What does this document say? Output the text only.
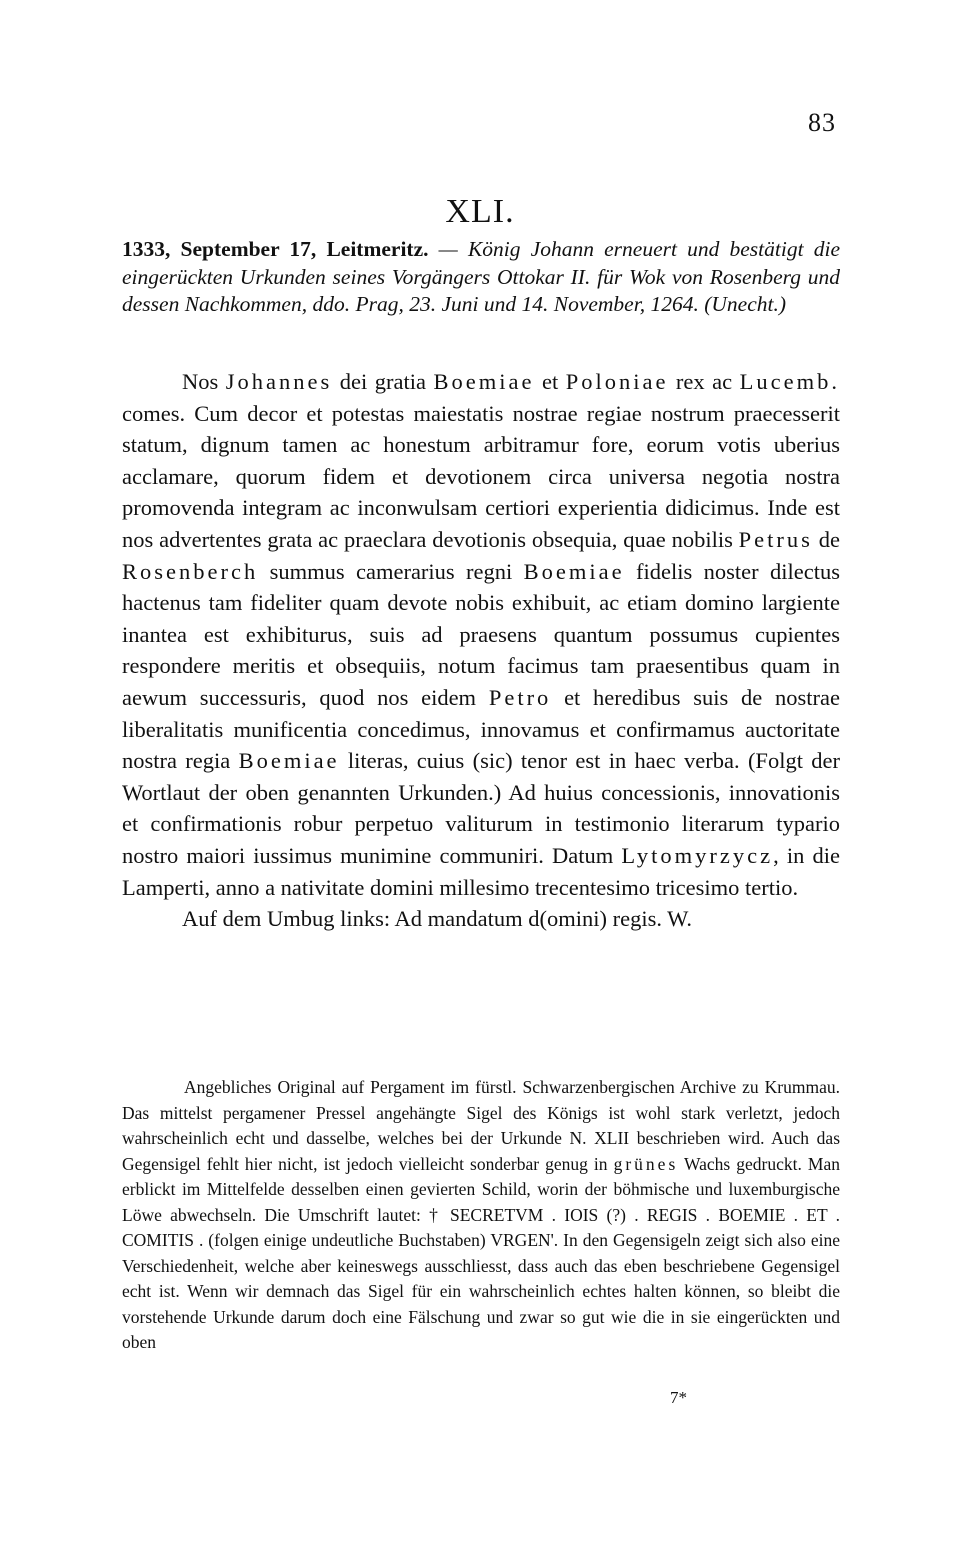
83
XLI.
1333, September 17, Leitmeritz. — König Johann erneuert und bestätigt die eingerückten Urkunden seines Vorgängers Ottokar II. für Wok von Rosenberg und dessen Nachkommen, ddo. Prag, 23. Juni und 14. November, 1264. (Unecht.)

Nos Johannes dei gratia Boemiae et Poloniae rex ac Lucemb. comes. Cum decor et potestas maiestatis nostrae regiae nostrum praecesserit statum, dignum tamen ac honestum arbitramur fore, eorum votis uberius acclamare, quorum fidem et devotionem circa universa negotia nostra promovenda integram ac inconwulsam certiori experientia didicimus. Inde est nos advertentes grata ac praeclara devotionis obsequia, quae nobilis Petrus de Rosenberch summus camerarius regni Boemiae fidelis noster dilectus hactenus tam fideliter quam devote nobis exhibuit, ac etiam domino largiente inantea est exhibiturus, suis ad praesens quantum possumus cupientes respondere meritis et obsequiis, notum facimus tam praesentibus quam in aewum successuris, quod nos eidem Petro et heredibus suis de nostrae liberalitatis munificentia concedimus, innovamus et confirmamus auctoritate nostra regia Boemiae literas, cuius (sic) tenor est in haec verba. (Folgt der Wortlaut der oben genannten Urkunden.) Ad huius concessionis, innovationis et confirmationis robur perpetuo valiturum in testimonio literarum typario nostro maiori iussimus munimine communiri. Datum Lytomyrzycz, in die Lamperti, anno a nativitate domini millesimo trecentesimo tricesimo tertio.

Auf dem Umbug links: Ad mandatum d(omini) regis. W.

Angebliches Original auf Pergament im fürstl. Schwarzenbergischen Archive zu Krummau. Das mittelst pergamener Pressel angehängte Sigel des Königs ist wohl stark verletzt, jedoch wahrscheinlich echt und dasselbe, welches bei der Urkunde N. XLII beschrieben wird. Auch das Gegensigel fehlt hier nicht, ist jedoch vielleicht sonderbar genug in grünes Wachs gedruckt. Man erblickt im Mittelfelde desselben einen gevierten Schild, worin der böhmische und luxemburgische Löwe abwechseln. Die Umschrift lautet: † SECRETVM . IOIS (?) . REGIS . BOEMIE . ET . COMITIS . (folgen einige undeutliche Buchstaben) VRGEN'. In den Gegensigeln zeigt sich also eine Verschiedenheit, welche aber keineswegs ausschliesst, dass auch das eben beschriebene Gegensigel echt ist. Wenn wir demnach das Sigel für ein wahrscheinlich echtes halten können, so bleibt die vorstehende Urkunde darum doch eine Fälschung und zwar so gut wie die in sie eingerückten und oben

7*
